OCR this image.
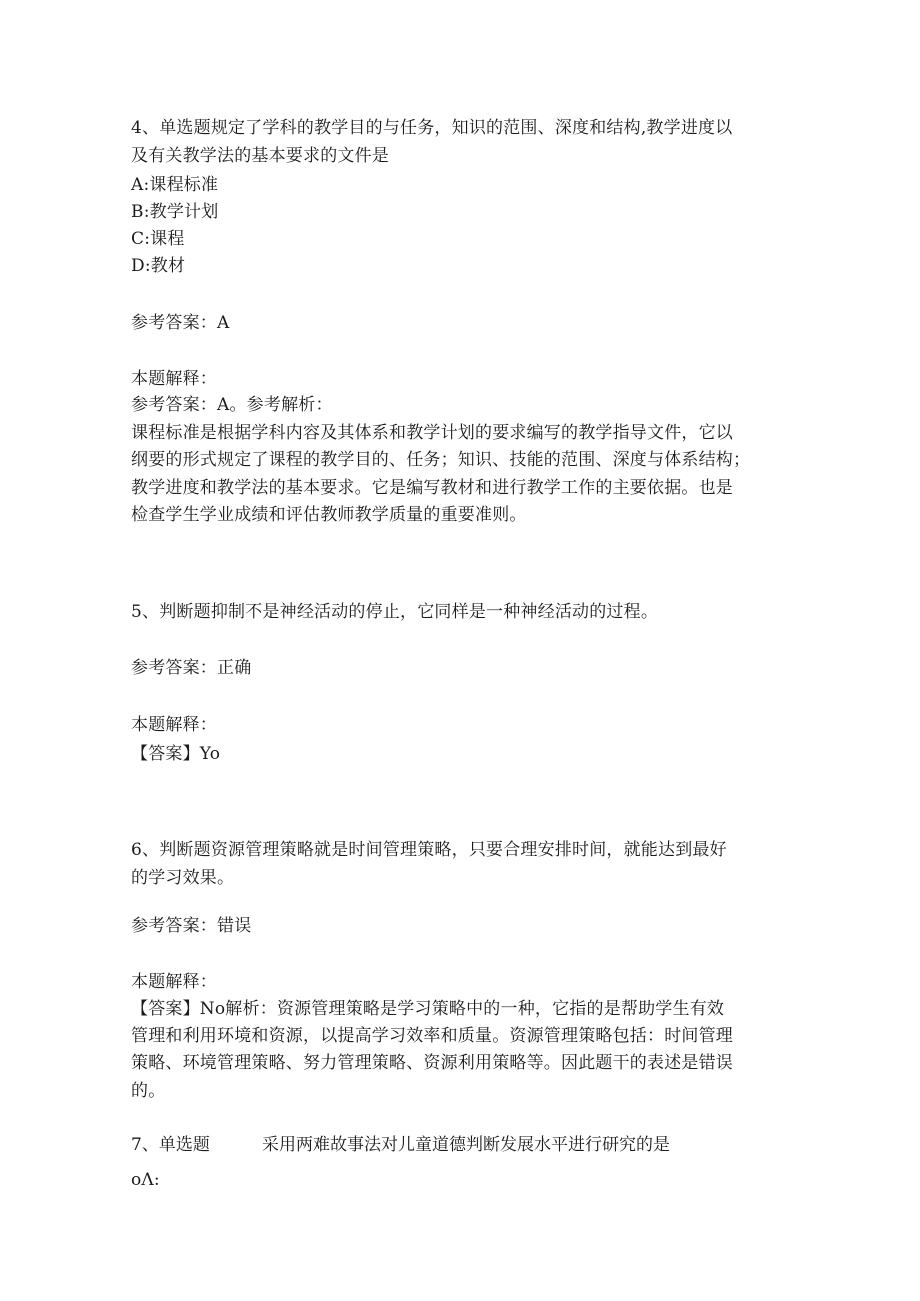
4、单选题规定了学科的教学目的与任务，知识的范围、深度和结构,教学进度以
及有关教学法的基本要求的文件是
A:课程标准
B:教学计划
C:课程
D:教材
参考答案：A
本题解释：
参考答案：A。参考解析：
课程标准是根据学科内容及其体系和教学计划的要求编写的教学指导文件，它以
纲要的形式规定了课程的教学目的、任务；知识、技能的范围、深度与体系结构；
教学进度和教学法的基本要求。它是编写教材和进行教学工作的主要依据。也是
检查学生学业成绩和评估教师教学质量的重要准则。
5、判断题抑制不是神经活动的停止，它同样是一种神经活动的过程。
参考答案：正确
本题解释：
【答案】Yo
6、判断题资源管理策略就是时间管理策略，只要合理安排时间，就能达到最好
的学习效果。
参考答案：错误
本题解释：
【答案】No解析：资源管理策略是学习策略中的一种，它指的是帮助学生有效
管理和利用环境和资源，以提高学习效率和质量。资源管理策略包括：时间管理
策略、环境管理策略、努力管理策略、资源利用策略等。因此题干的表述是错误
的。
7、单选题	采用两难故事法对儿童道德判断发展水平进行研究的是
oΛ:
